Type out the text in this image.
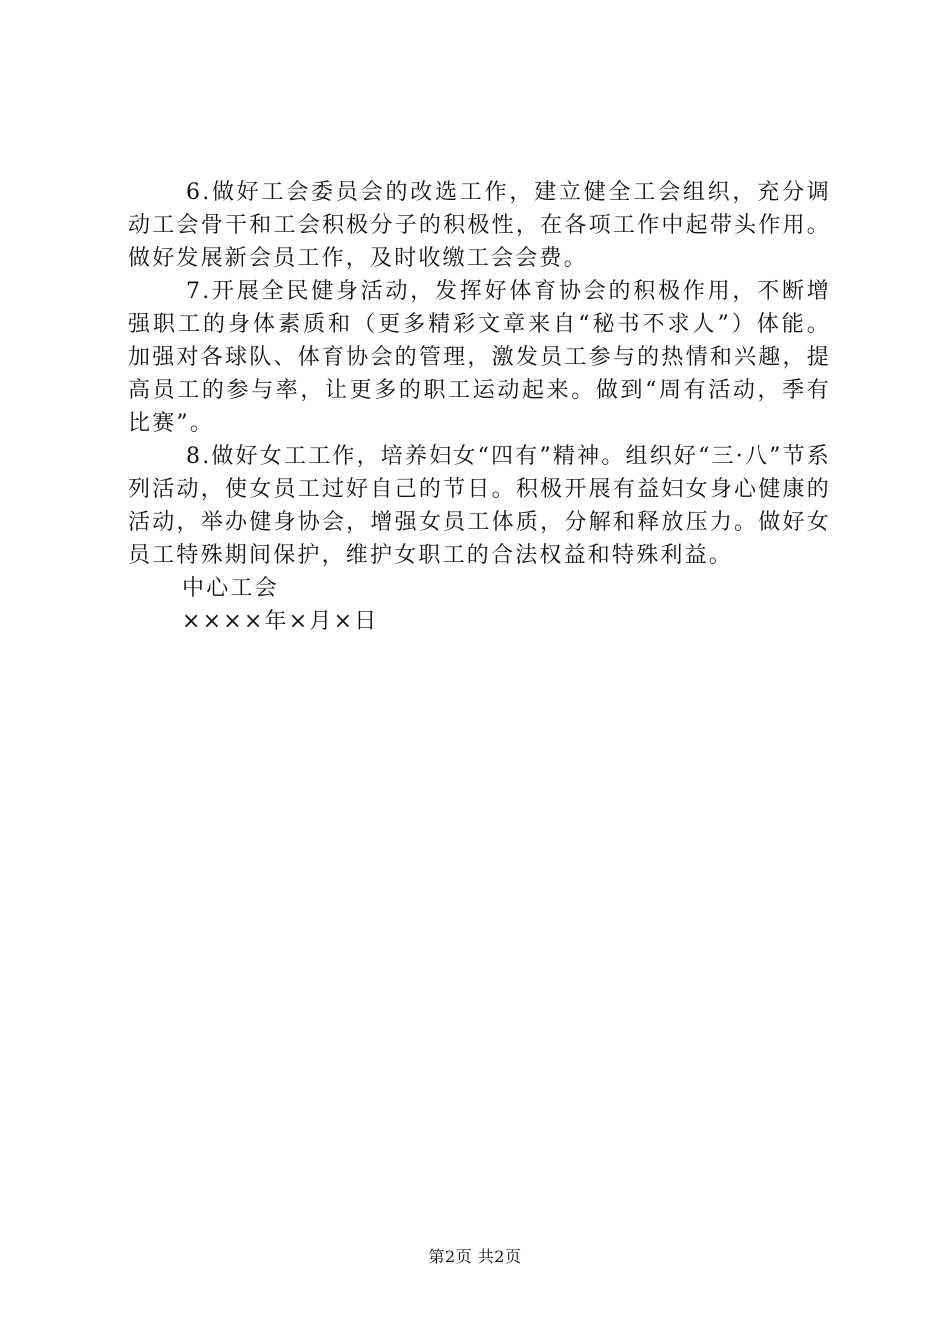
6.做好工会委员会的改选工作，建立健全工会组织，充分调动工会骨干和工会积极分子的积极性，在各项工作中起带头作用。做好发展新会员工作，及时收缴工会会费。

7.开展全民健身活动，发挥好体育协会的积极作用，不断增强职工的身体素质和（更多精彩文章来自“秘书不求人”）体能。加强对各球队、体育协会的管理，激发员工参与的热情和兴趣，提高员工的参与率，让更多的职工运动起来。做到“周有活动，季有比赛”。

8.做好女工工作，培养妇女“四有”精神。组织好“三·八”节系列活动，使女员工过好自己的节日。积极开展有益妇女身心健康的活动，举办健身协会，增强女员工体质，分解和释放压力。做好女员工特殊期间保护，维护女职工的合法权益和特殊利益。

中心工会

××××年×月×日

第2页 共2页
